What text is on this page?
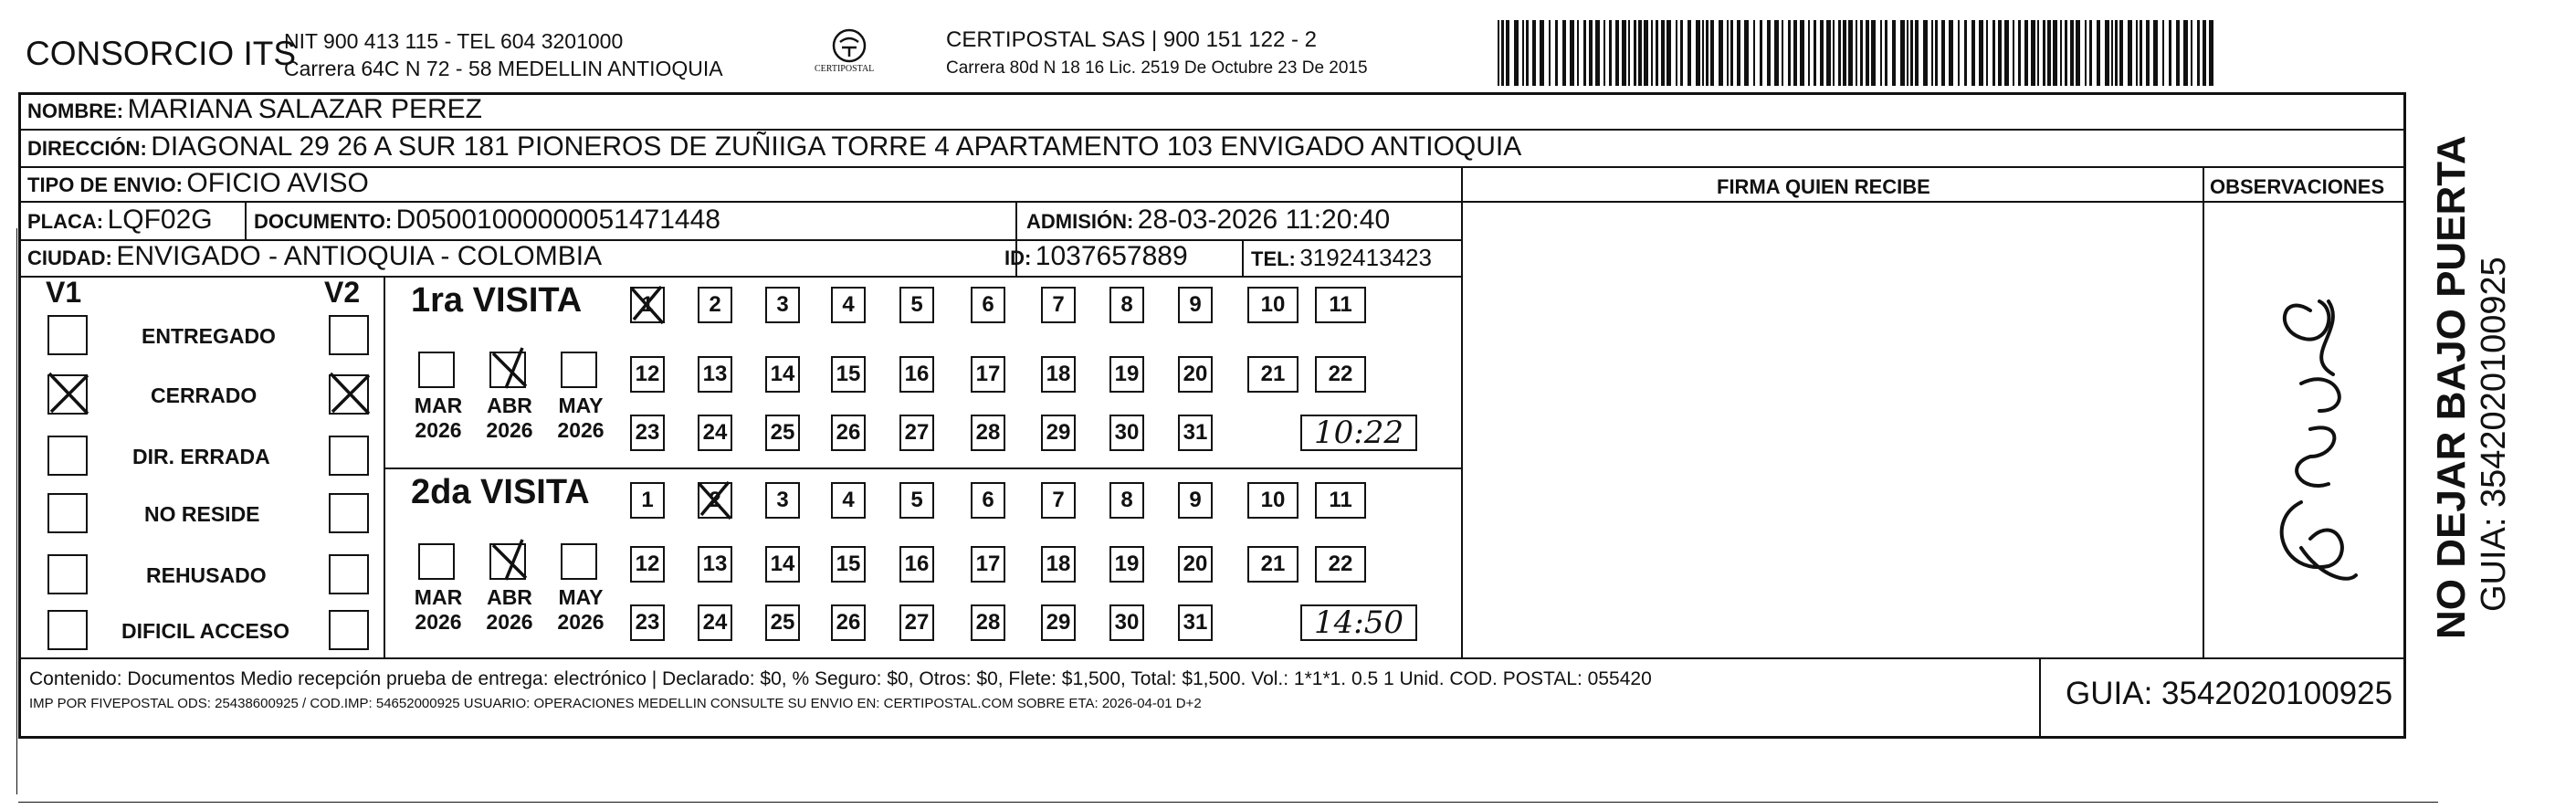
CONSORCIO ITS
NIT 900 413 115 - TEL 604 3201000
Carrera 64C N 72 - 58 MEDELLIN ANTIOQUIA	CERTIPOSTAL
CERTIPOSTAL SAS | 900 151 122 - 2
Carrera 80d N 18 16 Lic. 2519 De Octubre 23 De 2015
NOMBRE: MARIANA SALAZAR PEREZ
DIRECCIÓN: DIAGONAL 29 26 A SUR 181 PIONEROS DE ZUÑIIGA TORRE 4 APARTAMENTO 103 ENVIGADO ANTIOQUIA
TIPO DE ENVIO: OFICIO AVISO
PLACA: LQF02G DOCUMENTO: D05001000000051471448	ADMISIÓN: 28-03-2026 11:20:40
CIUDAD: ENVIGADO - ANTIOQUIA - COLOMBIA	ID: 1037657889	TEL: 3192413423
FIRMA QUIEN RECIBE	OBSERVACIONES
V1	V2
ENTREGADO
CERRADO
DIR. ERRADA
NO RESIDE
REHUSADO
DIFICIL ACCESO
1ra VISITA
2da VISITA
MAR
2026
ABR
2026
MAY
2026
MAR
2026
ABR
2026
MAY
2026
1	2	3	4	5	6	7	8	9	10	11
12 13 14 15 16 17 18 19 20	21	22
23 24 25 26 27 28 29 30 31	10:22
1	2	3	4	5	6	7	8	9	10	11
12 13 14 15 16 17 18 19 20	21	22
23 24 25 26 27 28 29 30 31	14:50
Contenido: Documentos Medio recepción prueba de entrega: electrónico | Declarado: $0, % Seguro: $0, Otros: $0, Flete: $1,500, Total: $1,500. Vol.: 1*1*1. 0.5 1 Unid. COD. POSTAL: 055420
IMP POR FIVEPOSTAL ODS: 25438600925 / COD.IMP: 54652000925 USUARIO: OPERACIONES MEDELLIN CONSULTE SU ENVIO EN: CERTIPOSTAL.COM SOBRE ETA: 2026-04-01 D+2	GUIA: 3542020100925
NO DEJAR BAJO PUERTA GUIA: 3542020100925
